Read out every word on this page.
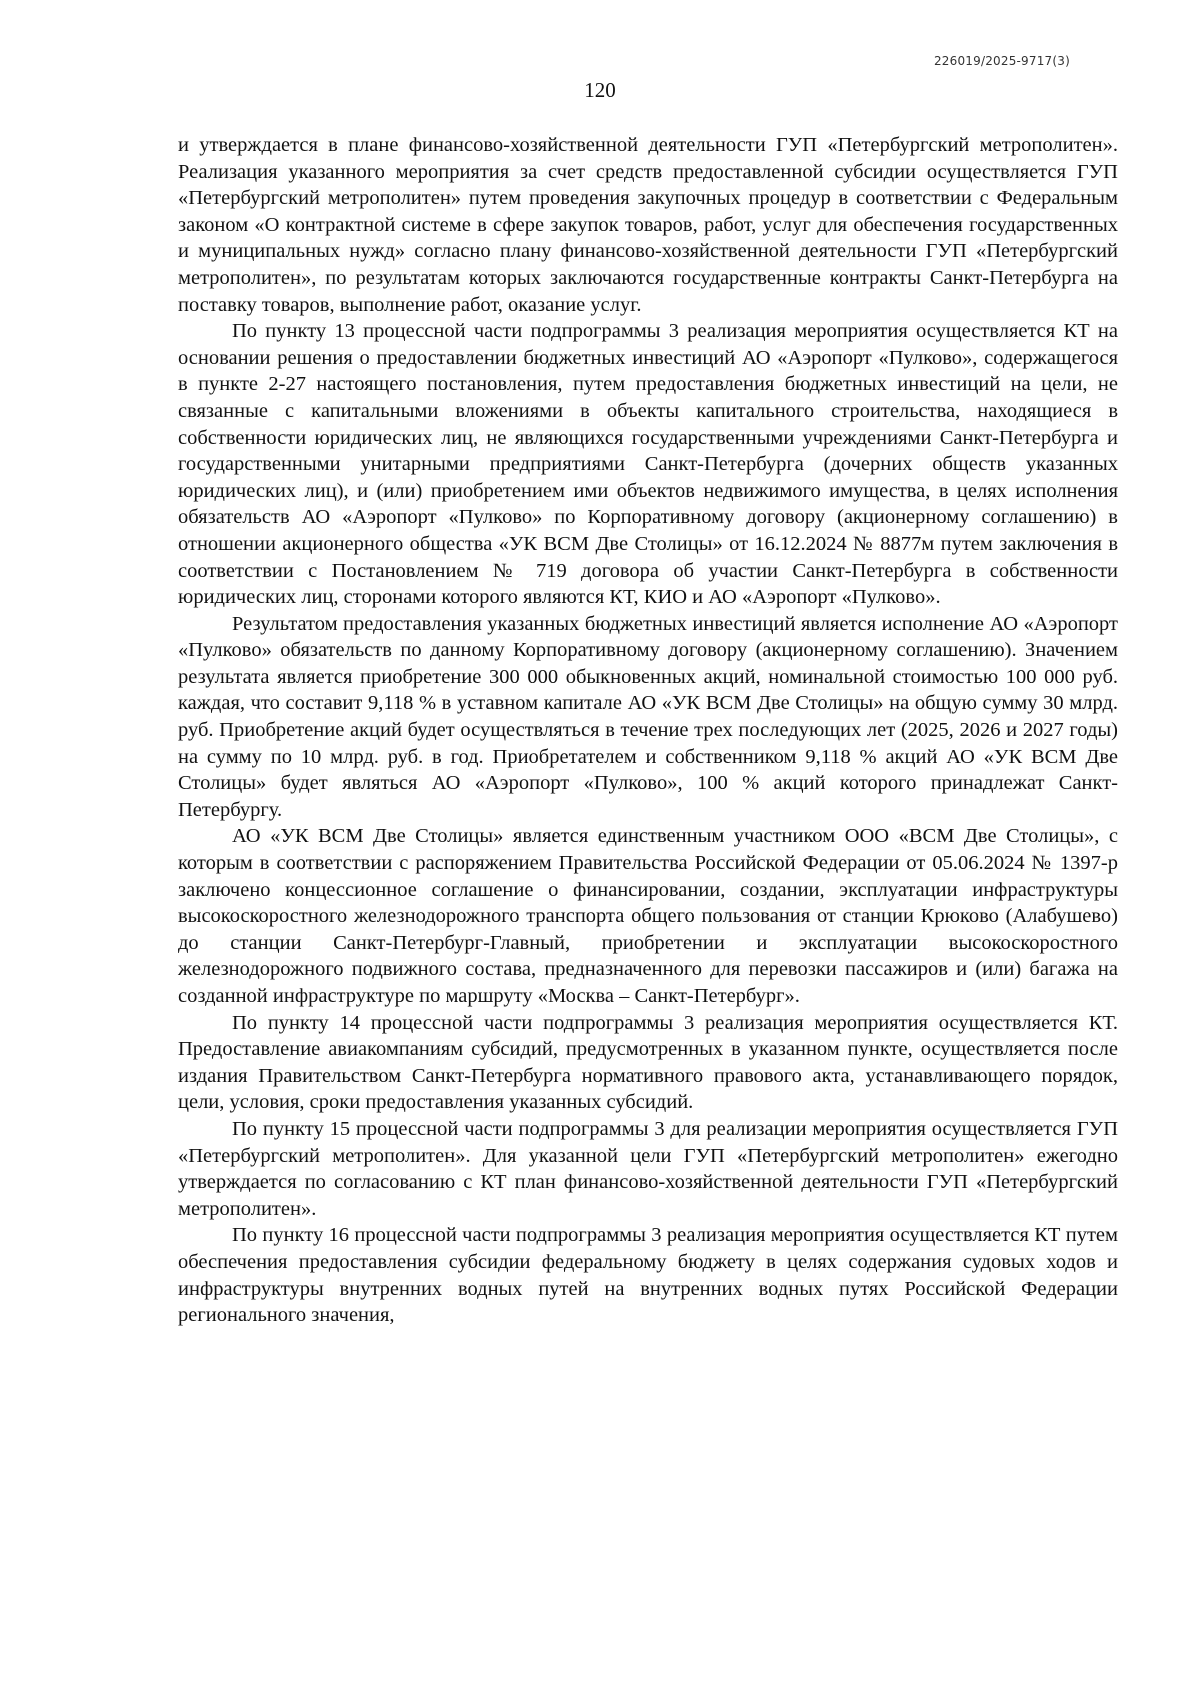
226019/2025-9717(3)
120

и утверждается в плане финансово-хозяйственной деятельности ГУП «Петербургский метрополитен». Реализация указанного мероприятия за счет средств предоставленной субсидии осуществляется ГУП «Петербургский метрополитен» путем проведения закупочных процедур в соответствии с Федеральным законом «О контрактной системе в сфере закупок товаров, работ, услуг для обеспечения государственных и муниципальных нужд» согласно плану финансово-хозяйственной деятельности ГУП «Петербургский метрополитен», по результатам которых заключаются государственные контракты Санкт-Петербурга на поставку товаров, выполнение работ, оказание услуг.

По пункту 13 процессной части подпрограммы 3 реализация мероприятия осуществляется КТ на основании решения о предоставлении бюджетных инвестиций АО «Аэропорт «Пулково», содержащегося в пункте 2-27 настоящего постановления, путем предоставления бюджетных инвестиций на цели, не связанные с капитальными вложениями в объекты капитального строительства, находящиеся в собственности юридических лиц, не являющихся государственными учреждениями Санкт-Петербурга и государственными унитарными предприятиями Санкт-Петербурга (дочерних обществ указанных юридических лиц), и (или) приобретением ими объектов недвижимого имущества, в целях исполнения обязательств АО «Аэропорт «Пулково» по Корпоративному договору (акционерному соглашению) в отношении акционерного общества «УК ВСМ Две Столицы» от 16.12.2024 № 8877м путем заключения в соответствии с Постановлением № 719 договора об участии Санкт-Петербурга в собственности юридических лиц, сторонами которого являются КТ, КИО и АО «Аэропорт «Пулково».

Результатом предоставления указанных бюджетных инвестиций является исполнение АО «Аэропорт «Пулково» обязательств по данному Корпоративному договору (акционерному соглашению). Значением результата является приобретение 300 000 обыкновенных акций, номинальной стоимостью 100 000 руб. каждая, что составит 9,118 % в уставном капитале АО «УК ВСМ Две Столицы» на общую сумму 30 млрд. руб. Приобретение акций будет осуществляться в течение трех последующих лет (2025, 2026 и 2027 годы) на сумму по 10 млрд. руб. в год. Приобретателем и собственником 9,118 % акций АО «УК ВСМ Две Столицы» будет являться АО «Аэропорт «Пулково», 100 % акций которого принадлежат Санкт-Петербургу.

АО «УК ВСМ Две Столицы» является единственным участником ООО «ВСМ Две Столицы», с которым в соответствии с распоряжением Правительства Российской Федерации от 05.06.2024 № 1397-р заключено концессионное соглашение о финансировании, создании, эксплуатации инфраструктуры высокоскоростного железнодорожного транспорта общего пользования от станции Крюково (Алабушево) до станции Санкт-Петербург-Главный, приобретении и эксплуатации высокоскоростного железнодорожного подвижного состава, предназначенного для перевозки пассажиров и (или) багажа на созданной инфраструктуре по маршруту «Москва – Санкт-Петербург».

По пункту 14 процессной части подпрограммы 3 реализация мероприятия осуществляется КТ. Предоставление авиакомпаниям субсидий, предусмотренных в указанном пункте, осуществляется после издания Правительством Санкт-Петербурга нормативного правового акта, устанавливающего порядок, цели, условия, сроки предоставления указанных субсидий.

По пункту 15 процессной части подпрограммы 3 для реализации мероприятия осуществляется ГУП «Петербургский метрополитен». Для указанной цели ГУП «Петербургский метрополитен» ежегодно утверждается по согласованию с КТ план финансово-хозяйственной деятельности ГУП «Петербургский метрополитен».

По пункту 16 процессной части подпрограммы 3 реализация мероприятия осуществляется КТ путем обеспечения предоставления субсидии федеральному бюджету в целях содержания судовых ходов и инфраструктуры внутренних водных путей на внутренних водных путях Российской Федерации регионального значения,
